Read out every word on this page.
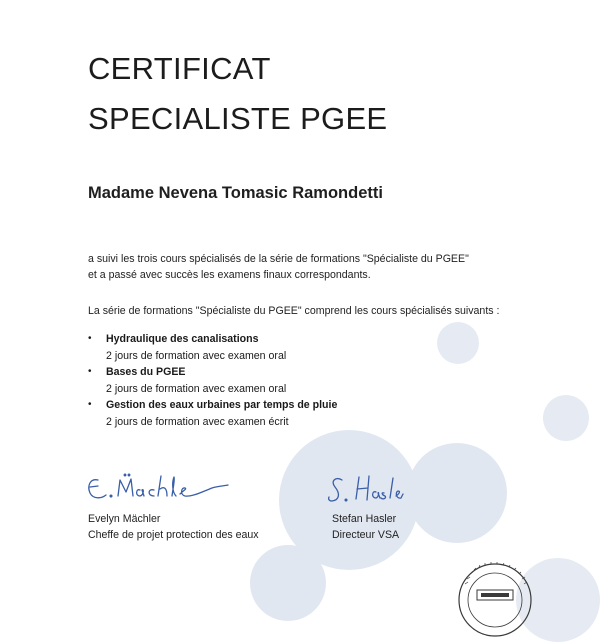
CERTIFICAT
SPECIALISTE PGEE
Madame Nevena Tomasic Ramondetti
a suivi les trois cours spécialisés de la série de formations "Spécialiste du PGEE"
et a passé avec succès les examens finaux correspondants.
La série de formations "Spécialiste du PGEE" comprend les cours spécialisés suivants :
• Hydraulique des canalisations
2 jours de formation avec examen oral
• Bases du PGEE
2 jours de formation avec examen oral
• Gestion des eaux urbaines par temps de pluie
2 jours de formation avec examen écrit
Evelyn Mächler
Cheffe de projet protection des eaux
Stefan Hasler
Directeur VSA
